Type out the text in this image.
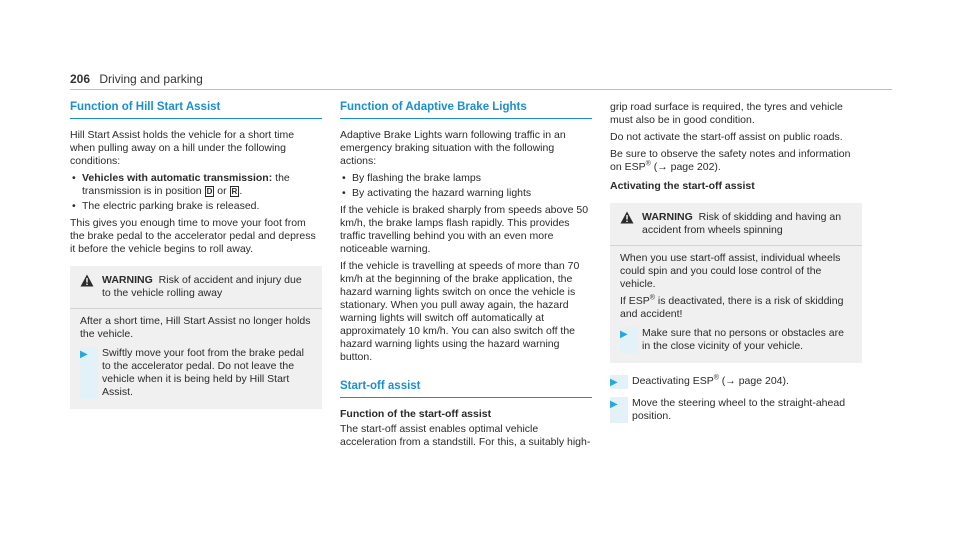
206 Driving and parking
Function of Hill Start Assist

Hill Start Assist holds the vehicle for a short time when pulling away on a hill under the following conditions:

• Vehicles with automatic transmission: the transmission is in position D or R .
• The electric parking brake is released.

This gives you enough time to move your foot from the brake pedal to the accelerator pedal and depress it before the vehicle begins to roll away.

WARNING Risk of accident and injury due to the vehicle rolling away

After a short time, Hill Start Assist no longer holds the vehicle.

▶	Swiftly move your foot from the brake pedal to the accelerator pedal. Do not leave the vehicle when it is being held by Hill Start Assist.
Function of Adaptive Brake Lights

Adaptive Brake Lights warn following traffic in an emergency braking situation with the following actions:

• By flashing the brake lamps
• By activating the hazard warning lights

If the vehicle is braked sharply from speeds above 50 km/h, the brake lamps flash rapidly. This provides traffic travelling behind you with an even more noticeable warning.

If the vehicle is travelling at speeds of more than 70 km/h at the beginning of the brake application, the hazard warning lights switch on once the vehicle is stationary. When you pull away again, the hazard warning lights will switch off automatically at approximately 10 km/h. You can also switch off the hazard warning lights using the hazard warning button.

Start-off assist
Function of the start-off assist

The start-off assist enables optimal vehicle acceleration from a standstill. For this, a suitably high-

grip road surface is required, the tyres and vehicle must also be in good condition.

Do not activate the start-off assist on public roads.

Be sure to observe the safety notes and information on ESP® (→ page 202).

Activating the start-off assist
WARNING Risk of skidding and having an accident from wheels spinning

When you use start-off assist, individual wheels could spin and you could lose control of the vehicle.

If ESP® is deactivated, there is a risk of skidding and accident!

▶	Make sure that no persons or obstacles are in the close vicinity of your vehicle.
▶	Deactivating ESP® (→ page 204).
▶	Move the steering wheel to the straight-ahead position.
